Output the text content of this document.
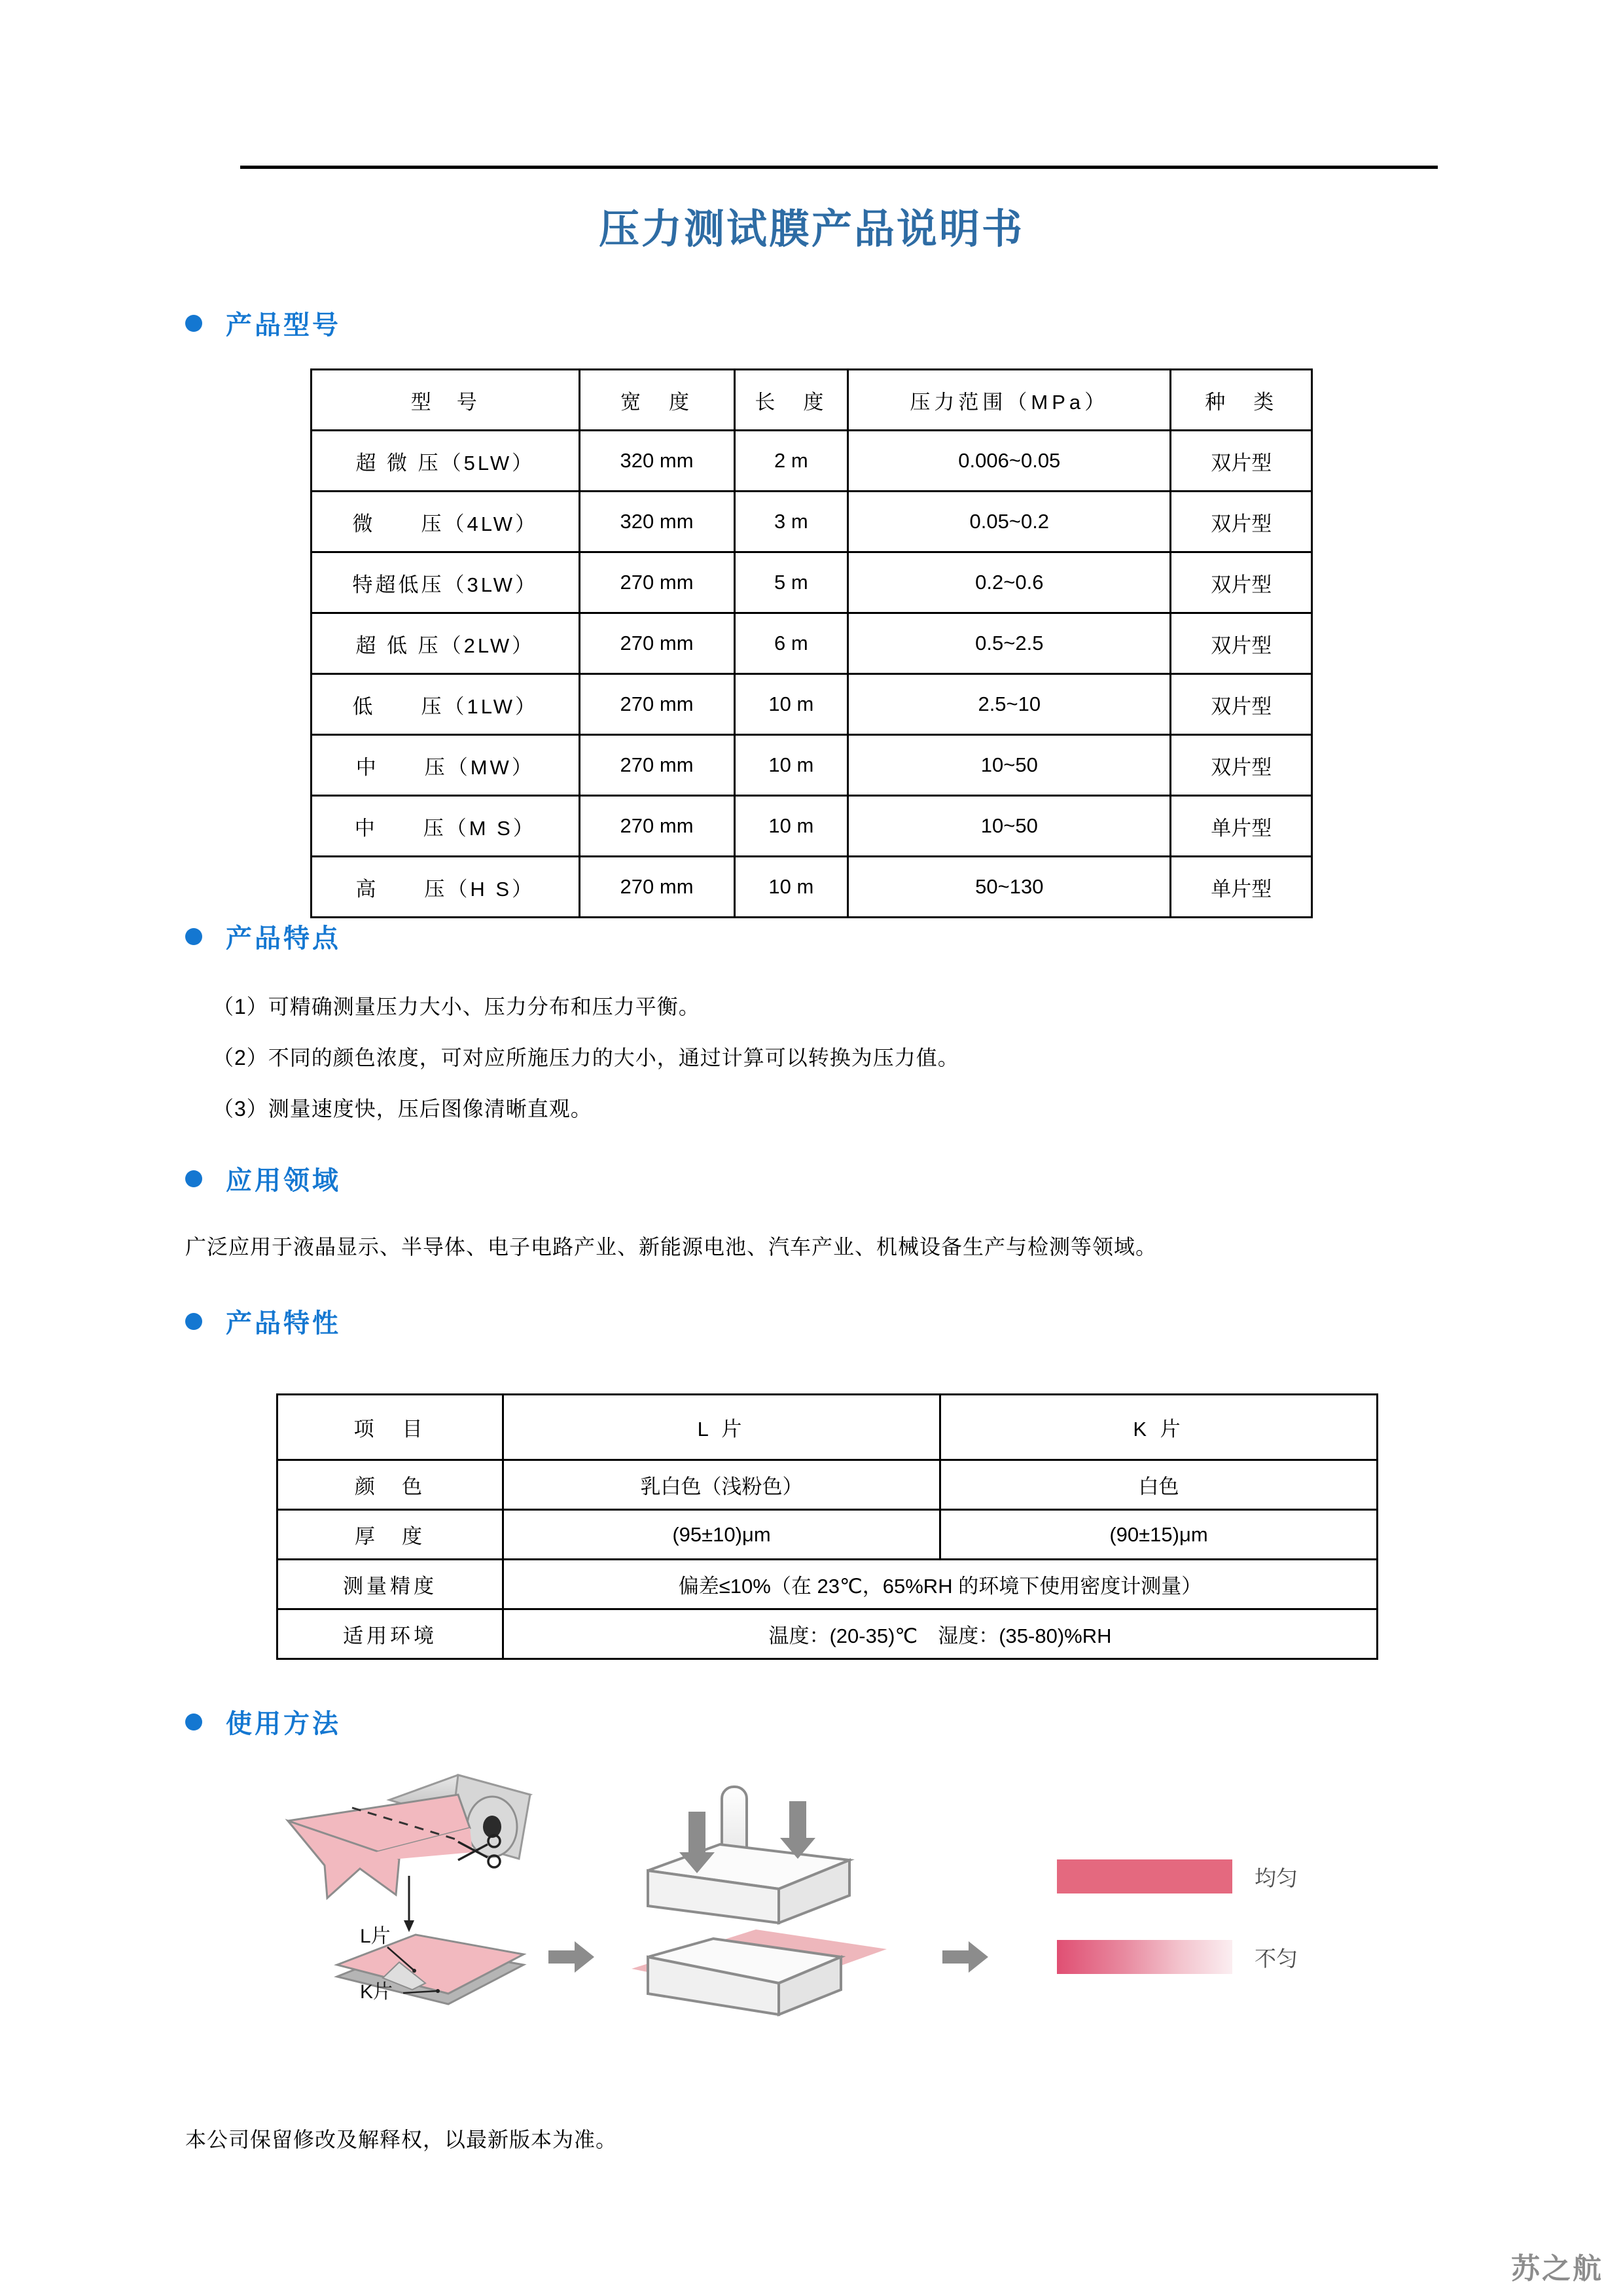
压力测试膜产品说明书
产品型号
型　号	宽　度	长　度	压力范围（MPa）	种　类
超 微 压（5LW）	320 mm	2 m	0.006~0.05	双片型
微　　压（4LW）	320 mm	3 m	0.05~0.2	双片型
特超低压（3LW）	270 mm	5 m	0.2~0.6	双片型
超 低 压（2LW）	270 mm	6 m	0.5~2.5	双片型
低　　压（1LW）	270 mm	10 m	2.5~10	双片型
中　　压（MW）	270 mm	10 m	10~50	双片型
中　　压（M S）	270 mm	10 m	10~50	单片型
高　　压（H S）	270 mm	10 m	50~130	单片型
产品特点
（1）可精确测量压力大小、压力分布和压力平衡。
（2）不同的颜色浓度，可对应所施压力的大小，通过计算可以转换为压力值。
（3）测量速度快，压后图像清晰直观。
应用领域
广泛应用于液晶显示、半导体、电子电路产业、新能源电池、汽车产业、机械设备生产与检测等领域。
产品特性
项　目	L 片	K 片
颜　色	乳白色（浅粉色）	白色
厚　度	(95±10)μm	(90±15)μm
测量精度	偏差≤10%（在 23℃，65%RH 的环境下使用密度计测量）	
适用环境	温度：(20-35)℃　湿度：(35-80)%RH	
使用方法
L片
K片
均匀
不匀
本公司保留修改及解释权，以最新版本为准。
苏之航
